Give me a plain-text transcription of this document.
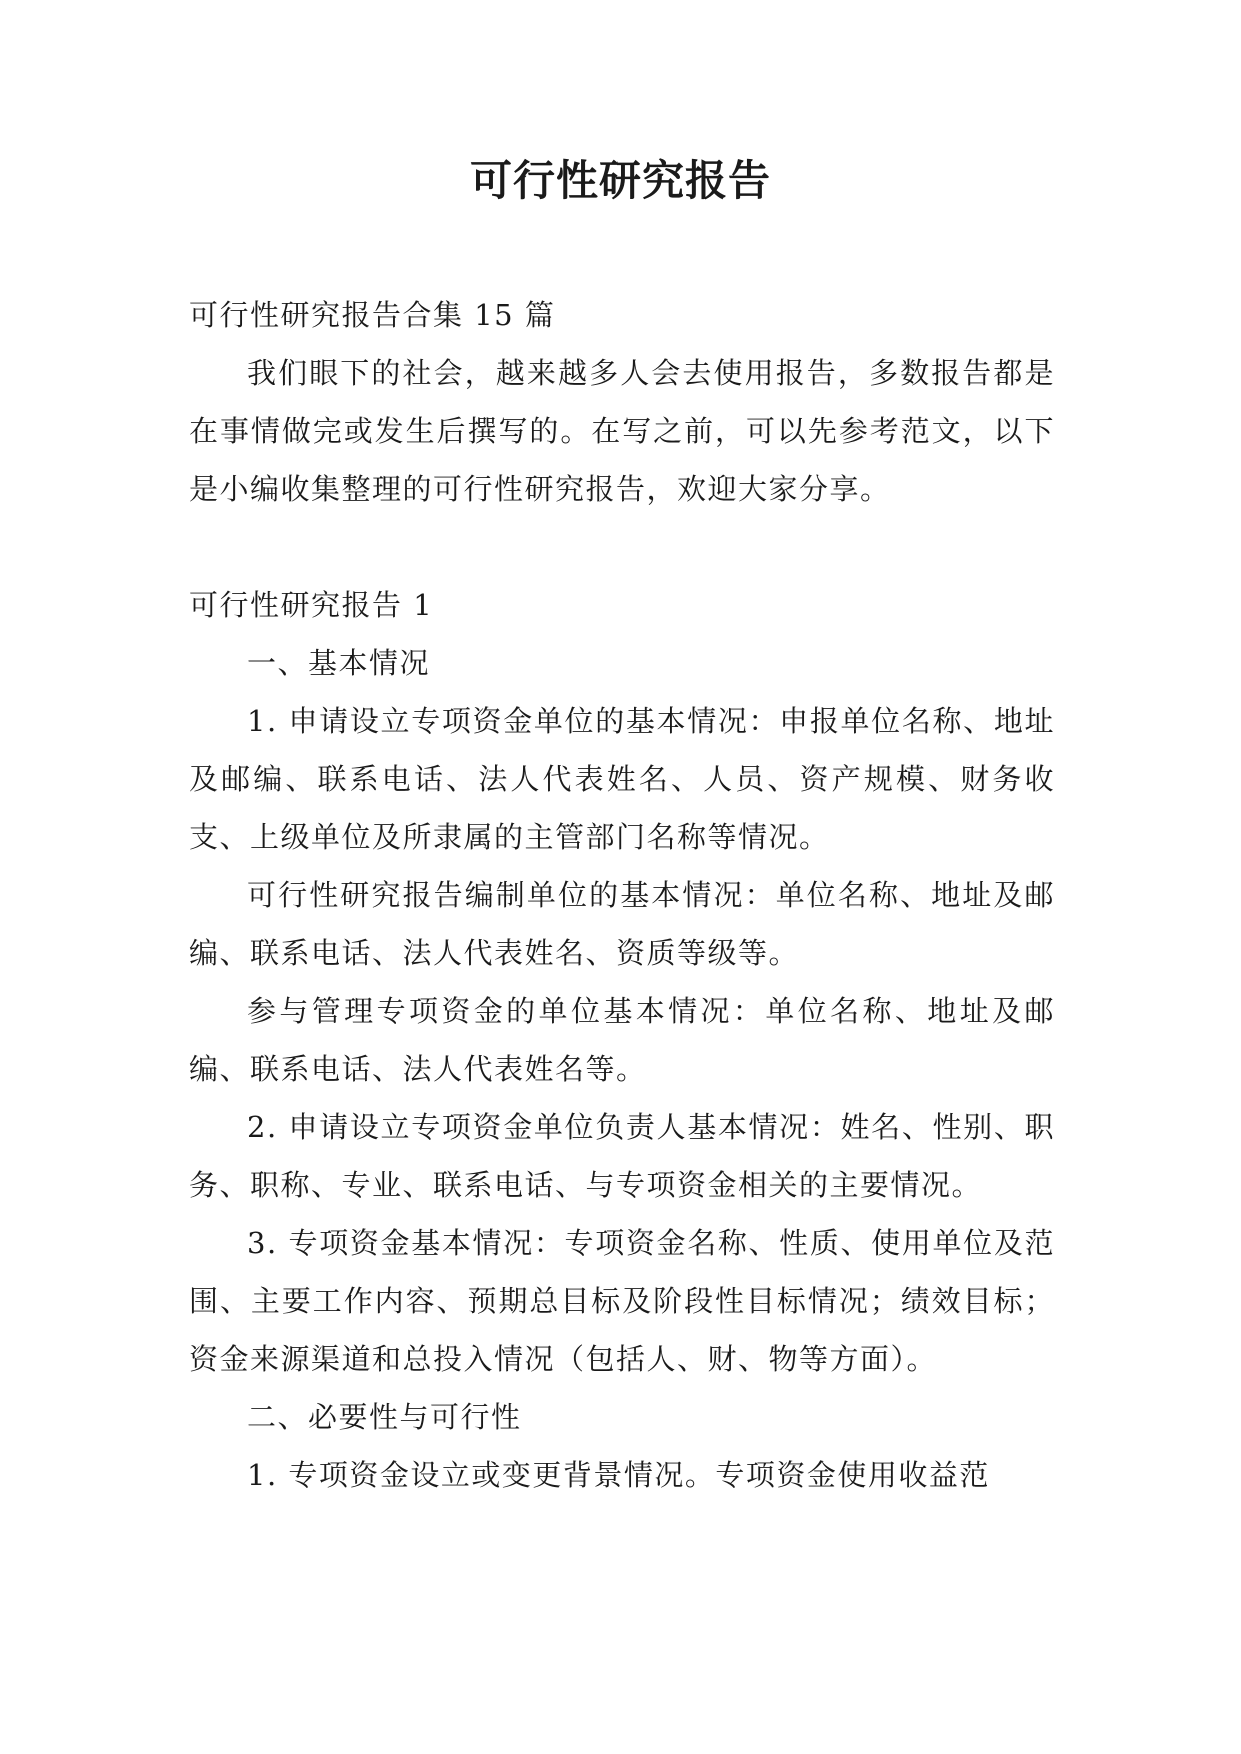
可行性研究报告

可行性研究报告合集 15 篇

我们眼下的社会，越来越多人会去使用报告，多数报告都是在事情做完或发生后撰写的。在写之前，可以先参考范文，以下是小编收集整理的可行性研究报告，欢迎大家分享。

可行性研究报告 1

一、基本情况

1. 申请设立专项资金单位的基本情况：申报单位名称、地址及邮编、联系电话、法人代表姓名、人员、资产规模、财务收支、上级单位及所隶属的主管部门名称等情况。

可行性研究报告编制单位的基本情况：单位名称、地址及邮编、联系电话、法人代表姓名、资质等级等。

参与管理专项资金的单位基本情况：单位名称、地址及邮编、联系电话、法人代表姓名等。

2. 申请设立专项资金单位负责人基本情况：姓名、性别、职务、职称、专业、联系电话、与专项资金相关的主要情况。

3. 专项资金基本情况：专项资金名称、性质、使用单位及范围、主要工作内容、预期总目标及阶段性目标情况；绩效目标；资金来源渠道和总投入情况（包括人、财、物等方面）。

二、必要性与可行性

1. 专项资金设立或变更背景情况。专项资金使用收益范
